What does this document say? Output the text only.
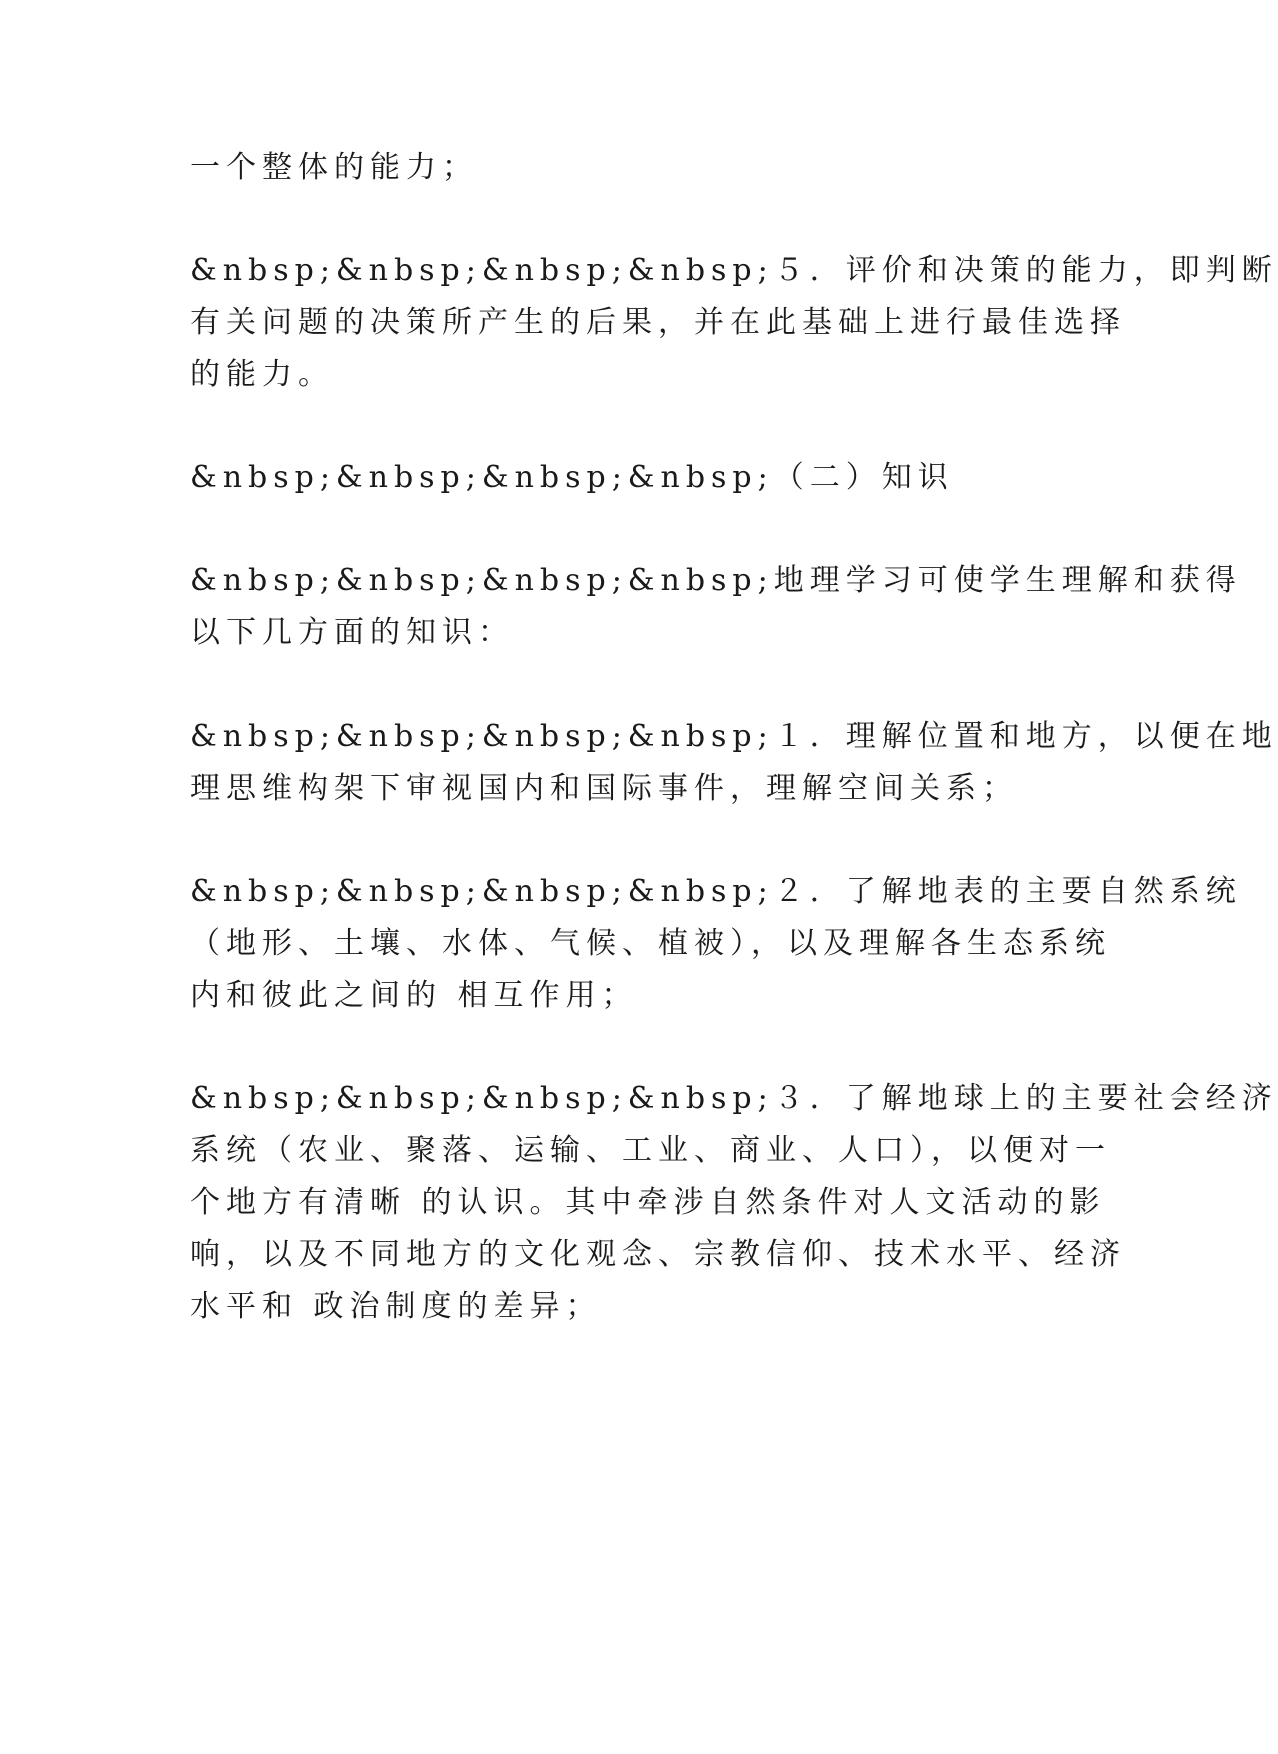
一个整体的能力；
&nbsp;&nbsp;&nbsp;&nbsp;５．评价和决策的能力，即判断
有关问题的决策所产生的后果，并在此基础上进行最佳选择
的能力。
&nbsp;&nbsp;&nbsp;&nbsp;（二）知识
&nbsp;&nbsp;&nbsp;&nbsp;地理学习可使学生理解和获得
以下几方面的知识：
&nbsp;&nbsp;&nbsp;&nbsp;１．理解位置和地方，以便在地
理思维构架下审视国内和国际事件，理解空间关系；
&nbsp;&nbsp;&nbsp;&nbsp;２．了解地表的主要自然系统
（地形、土壤、水体、气候、植被），以及理解各生态系统
内和彼此之间的 相互作用；
&nbsp;&nbsp;&nbsp;&nbsp;３．了解地球上的主要社会经济
系统（农业、聚落、运输、工业、商业、人口），以便对一
个地方有清晰 的认识。其中牵涉自然条件对人文活动的影
响，以及不同地方的文化观念、宗教信仰、技术水平、经济
水平和 政治制度的差异；
